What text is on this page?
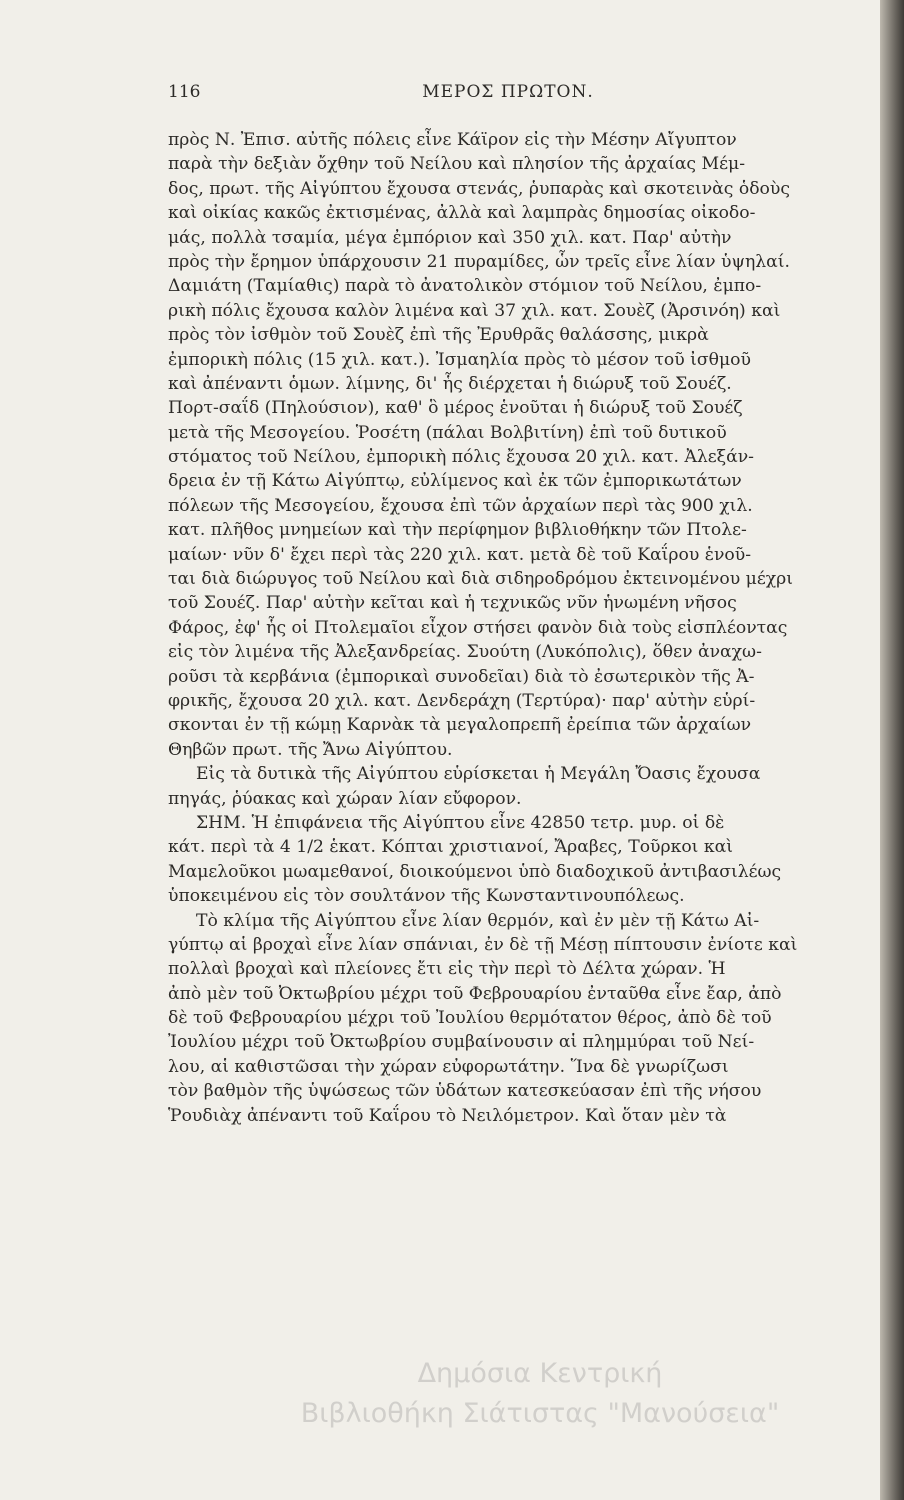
116	ΜΕΡΟΣ ΠΡΩΤΟΝ.
πρὸς Ν. Ἐπισ. αὐτῆς πόλεις εἶνε Κάϊρον εἰς τὴν Μέσην Αἴγυπτον
παρὰ τὴν δεξιὰν ὄχθην τοῦ Νείλου καὶ πλησίον τῆς ἀρχαίας Μέμ-
δος, πρωτ. τῆς Αἰγύπτου ἔχουσα στενάς, ῥυπαρὰς καὶ σκοτεινὰς ὁδοὺς
καὶ οἰκίας κακῶς ἐκτισμένας, ἀλλὰ καὶ λαμπρὰς δημοσίας οἰκοδο-
μάς, πολλὰ τσαμία, μέγα ἐμπόριον καὶ 350 χιλ. κατ. Παρ' αὐτὴν
πρὸς τὴν ἔρημον ὑπάρχουσιν 21 πυραμίδες, ὧν τρεῖς εἶνε λίαν ὑψηλαί.
Δαμιάτη (Ταμίαθις) παρὰ τὸ ἀνατολικὸν στόμιον τοῦ Νείλου, ἐμπο-
ρικὴ πόλις ἔχουσα καλὸν λιμένα καὶ 37 χιλ. κατ. Σουὲζ (Ἀρσινόη) καὶ
πρὸς τὸν ἰσθμὸν τοῦ Σουὲζ ἐπὶ τῆς Ἐρυθρᾶς θαλάσσης, μικρὰ
ἐμπορικὴ πόλις (15 χιλ. κατ.). Ἰσμαηλία πρὸς τὸ μέσον τοῦ ἰσθμοῦ
καὶ ἀπέναντι ὁμων. λίμνης, δι' ἧς διέρχεται ἡ διώρυξ τοῦ Σουέζ.
Πορτ-σαΐδ (Πηλούσιον), καθ' ὃ μέρος ἑνοῦται ἡ διώρυξ τοῦ Σουέζ
μετὰ τῆς Μεσογείου. Ῥοσέτη (πάλαι Βολβιτίνη) ἐπὶ τοῦ δυτικοῦ
στόματος τοῦ Νείλου, ἐμπορικὴ πόλις ἔχουσα 20 χιλ. κατ. Ἀλεξάν-
δρεια ἐν τῇ Κάτω Αἰγύπτῳ, εὐλίμενος καὶ ἐκ τῶν ἐμπορικωτάτων
πόλεων τῆς Μεσογείου, ἔχουσα ἐπὶ τῶν ἀρχαίων περὶ τὰς 900 χιλ.
κατ. πλῆθος μνημείων καὶ τὴν περίφημον βιβλιοθήκην τῶν Πτολε-
μαίων· νῦν δ' ἔχει περὶ τὰς 220 χιλ. κατ. μετὰ δὲ τοῦ Καΐρου ἑνοῦ-
ται διὰ διώρυγος τοῦ Νείλου καὶ διὰ σιδηροδρόμου ἐκτεινομένου μέχρι
τοῦ Σουέζ. Παρ' αὐτὴν κεῖται καὶ ἡ τεχνικῶς νῦν ἡνωμένη νῆσος
Φάρος, ἐφ' ἧς οἱ Πτολεμαῖοι εἶχον στήσει φανὸν διὰ τοὺς εἰσπλέοντας
εἰς τὸν λιμένα τῆς Ἀλεξανδρείας. Συούτη (Λυκόπολις), ὅθεν ἀναχω-
ροῦσι τὰ κερβάνια (ἐμπορικαὶ συνοδεῖαι) διὰ τὸ ἐσωτερικὸν τῆς Ἀ-
φρικῆς, ἔχουσα 20 χιλ. κατ. Δενδεράχη (Τερτύρα)· παρ' αὐτὴν εὑρί-
σκονται ἐν τῇ κώμῃ Καρνὰκ τὰ μεγαλοπρεπῆ ἐρείπια τῶν ἀρχαίων
Θηβῶν πρωτ. τῆς Ἄνω Αἰγύπτου.
Εἰς τὰ δυτικὰ τῆς Αἰγύπτου εὑρίσκεται ἡ Μεγάλη Ὄασις ἔχουσα
πηγάς, ῥύακας καὶ χώραν λίαν εὔφορον.
ΣΗΜ. Ἡ ἐπιφάνεια τῆς Αἰγύπτου εἶνε 42850 τετρ. μυρ. οἱ δὲ
κάτ. περὶ τὰ 4 1/2 ἑκατ. Κόπται χριστιανοί, Ἄραβες, Τοῦρκοι καὶ
Μαμελοῦκοι μωαμεθανοί, διοικούμενοι ὑπὸ διαδοχικοῦ ἀντιβασιλέως
ὑποκειμένου εἰς τὸν σουλτάνον τῆς Κωνσταντινουπόλεως.
Τὸ κλίμα τῆς Αἰγύπτου εἶνε λίαν θερμόν, καὶ ἐν μὲν τῇ Κάτω Αἰ-
γύπτῳ αἱ βροχαὶ εἶνε λίαν σπάνιαι, ἐν δὲ τῇ Μέσῃ πίπτουσιν ἐνίοτε καὶ
πολλαὶ βροχαὶ καὶ πλείονες ἔτι εἰς τὴν περὶ τὸ Δέλτα χώραν. Ἡ
ἀπὸ μὲν τοῦ Ὀκτωβρίου μέχρι τοῦ Φεβρουαρίου ἐνταῦθα εἶνε ἔαρ, ἀπὸ
δὲ τοῦ Φεβρουαρίου μέχρι τοῦ Ἰουλίου θερμότατον θέρος, ἀπὸ δὲ τοῦ
Ἰουλίου μέχρι τοῦ Ὀκτωβρίου συμβαίνουσιν αἱ πλημμύραι τοῦ Νεί-
λου, αἱ καθιστῶσαι τὴν χώραν εὐφορωτάτην. Ἵνα δὲ γνωρίζωσι
τὸν βαθμὸν τῆς ὑψώσεως τῶν ὑδάτων κατεσκεύασαν ἐπὶ τῆς νήσου
Ῥουδιὰχ ἀπέναντι τοῦ Καΐρου τὸ Νειλόμετρον. Καὶ ὅταν μὲν τὰ
Δημόσια Κεντρική
Βιβλιοθήκη Σιάτιστας "Μανούσεια"
